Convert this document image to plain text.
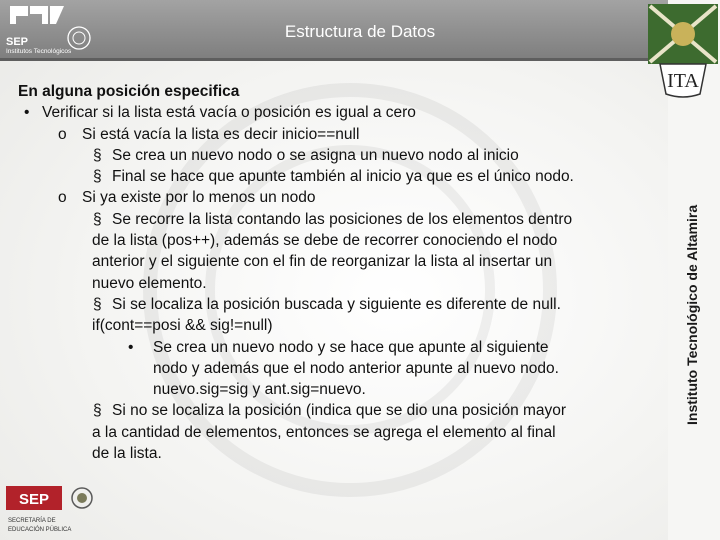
SEP
Institutos Tecnológicos
Estructura de Datos
ITA
Instituto Tecnológico de Altamira
En alguna posición especifica
• Verificar si la lista está vacía o posición es igual a cero
o Si está vacía la lista es decir inicio==null
§ Se crea un nuevo nodo o se asigna un nuevo nodo al inicio
§ Final se hace que apunte también al inicio ya que es el único nodo.
o Si ya existe por lo menos un nodo
§ Se recorre la lista contando las posiciones de los elementos dentro
de la lista (pos++), además se debe de recorrer conociendo el nodo
anterior y el siguiente con el fin de reorganizar la lista al insertar un
nuevo elemento.
§ Si se localiza la posición buscada y siguiente es diferente de null.
if(cont==posi && sig!=null)
• Se crea un nuevo nodo y se hace que apunte al siguiente
nodo y además que el nodo anterior apunte al nuevo nodo.
nuevo.sig=sig y ant.sig=nuevo.
§ Si no se localiza la posición (indica que se dio una posición mayor
a la cantidad de elementos, entonces se agrega el elemento al final
de la lista.
SEP
SECRETARÍA DE
EDUCACIÓN PÚBLICA
